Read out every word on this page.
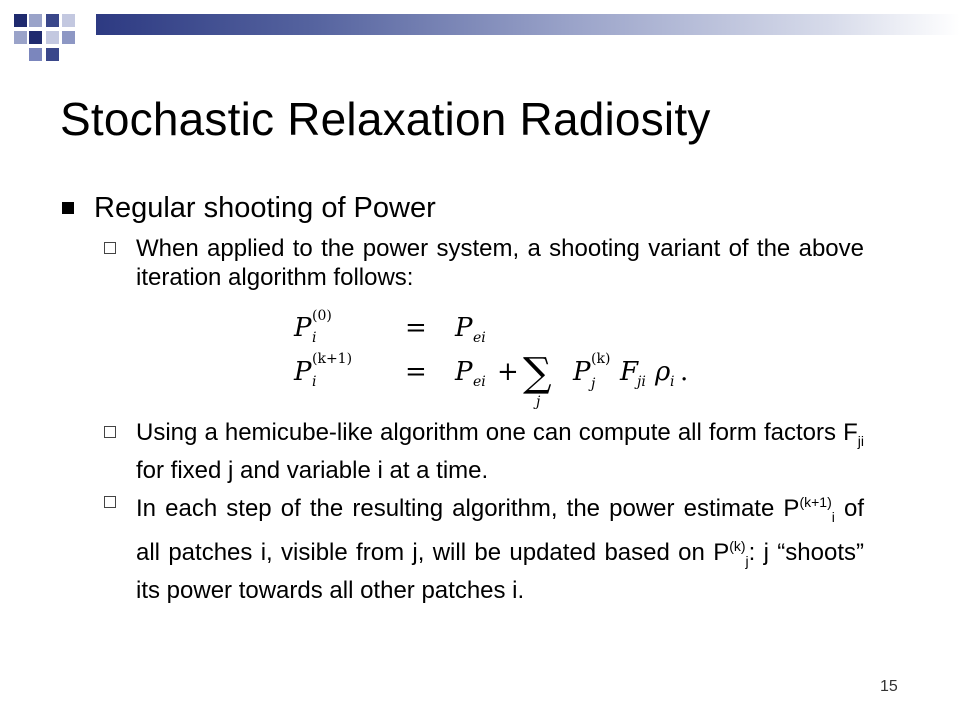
Stochastic Relaxation Radiosity
Regular shooting of Power
When applied to the power system, a shooting variant of the above iteration algorithm follows:
P (0)
i	= P ei
P (k+1)
i	= P ei + ∑
j
P (k)
j F
ji ρ i .
Using a hemicube-like algorithm one can compute all form factors $F_{ji}$ for fixed j and variable i at a time.
In each step of the resulting algorithm, the power estimate $P^{(k+1)}_i$ of all patches i, visible from j, will be updated based on $P^{(k)}_j$: j “shoots” its power towards all other patches i.
15
